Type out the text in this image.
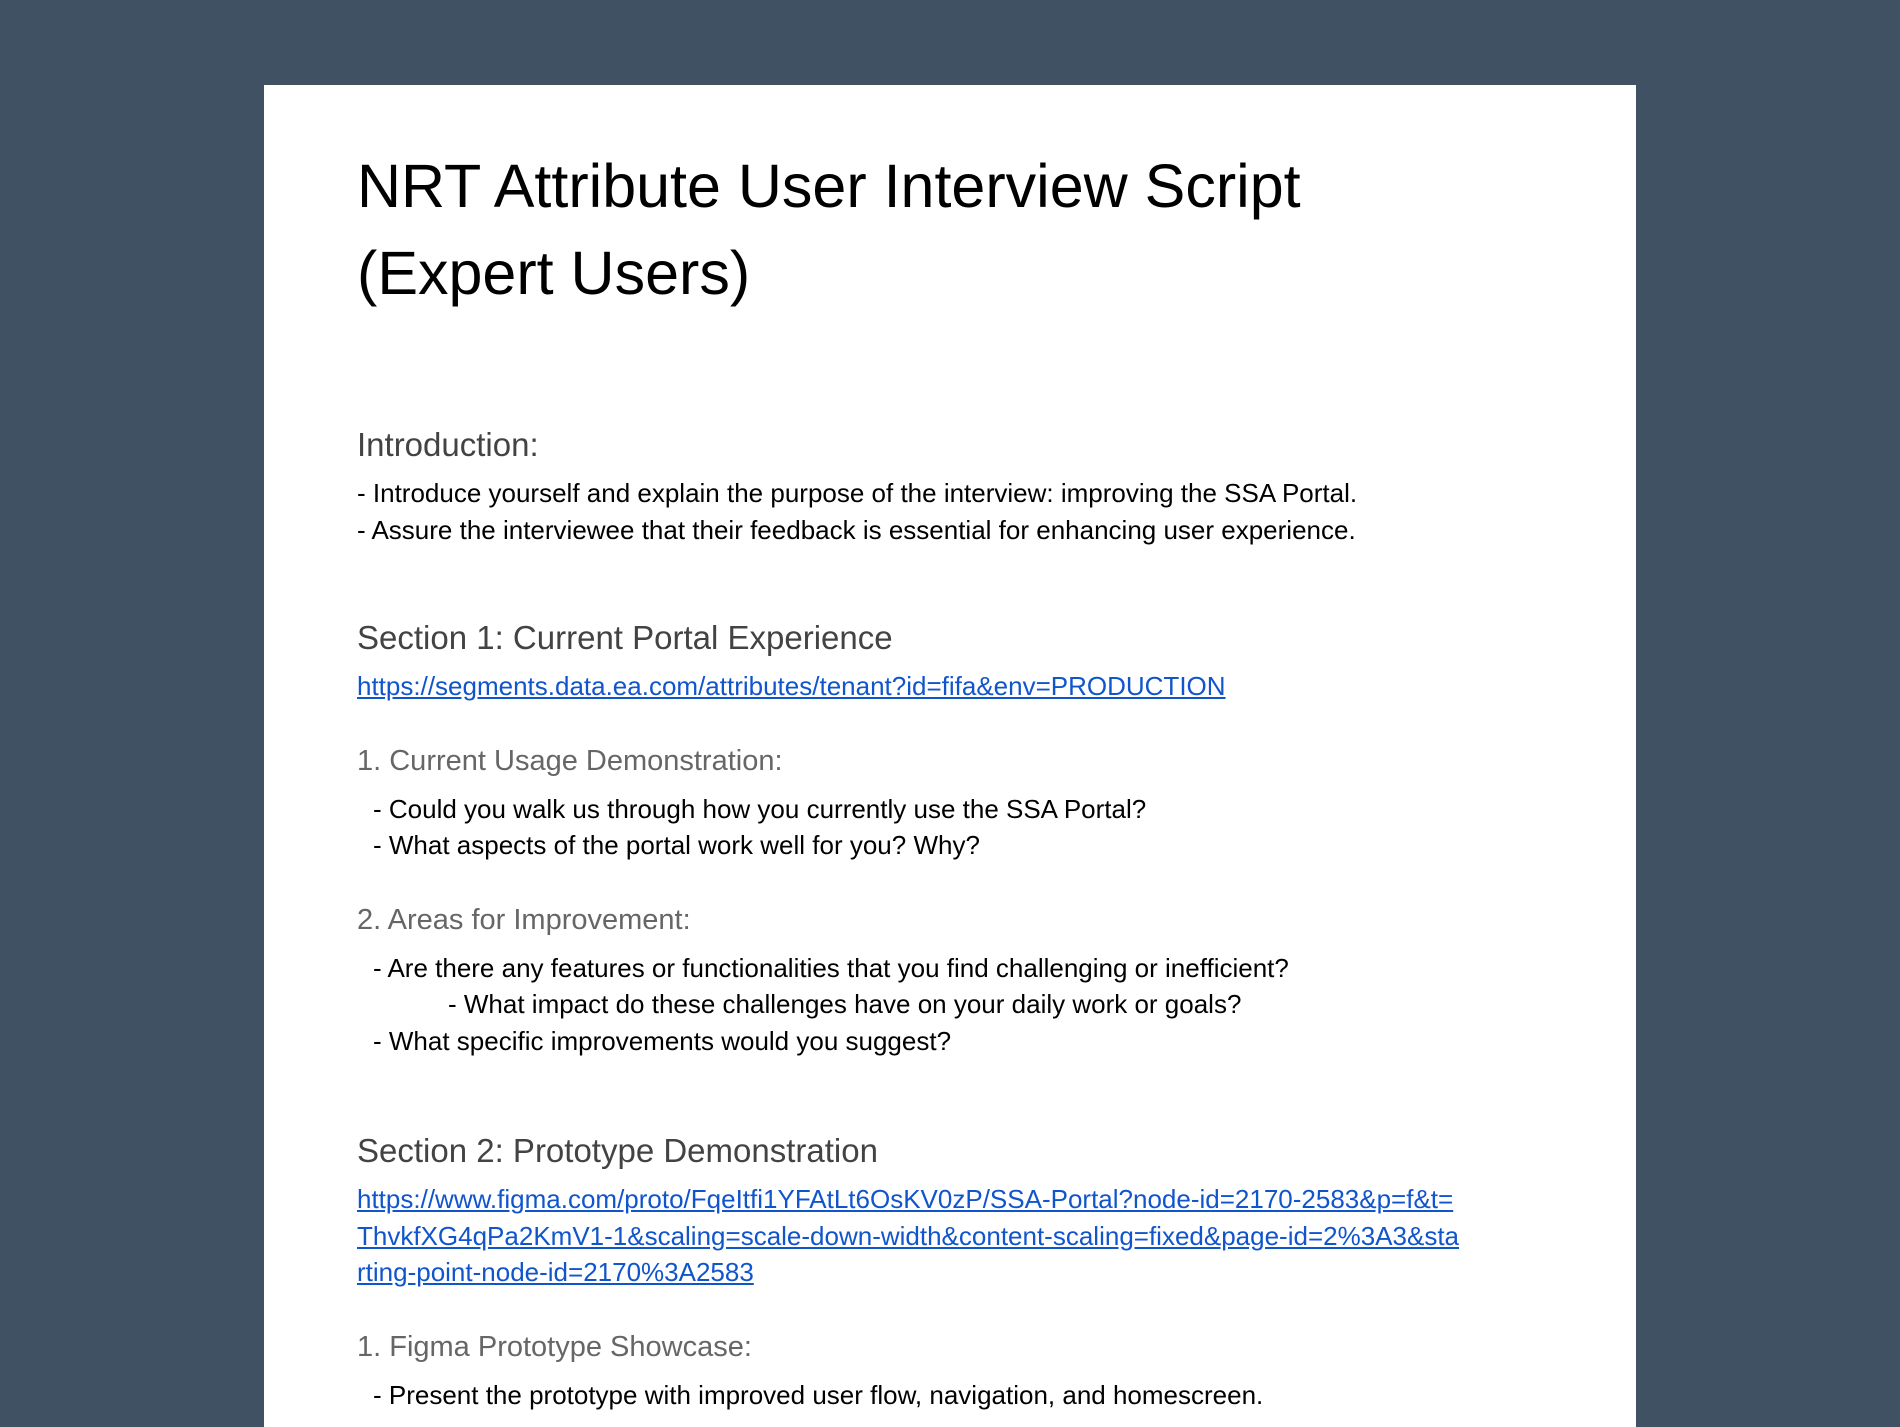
NRT Attribute User Interview Script
(Expert Users)
Introduction:
- Introduce yourself and explain the purpose of the interview: improving the SSA Portal.
- Assure the interviewee that their feedback is essential for enhancing user experience.
Section 1: Current Portal Experience
https://segments.data.ea.com/attributes/tenant?id=fifa&env=PRODUCTION
1. Current Usage Demonstration:
- Could you walk us through how you currently use the SSA Portal?
- What aspects of the portal work well for you? Why?
2. Areas for Improvement:
- Are there any features or functionalities that you find challenging or inefficient?
- What impact do these challenges have on your daily work or goals?
- What specific improvements would you suggest?
Section 2: Prototype Demonstration
https://www.figma.com/proto/FqeItfi1YFAtLt6OsKV0zP/SSA-Portal?node-id=2170-2583&p=f&t=
ThvkfXG4qPa2KmV1-1&scaling=scale-down-width&content-scaling=fixed&page-id=2%3A3&sta
rting-point-node-id=2170%3A2583
1. Figma Prototype Showcase:
- Present the prototype with improved user flow, navigation, and homescreen.
